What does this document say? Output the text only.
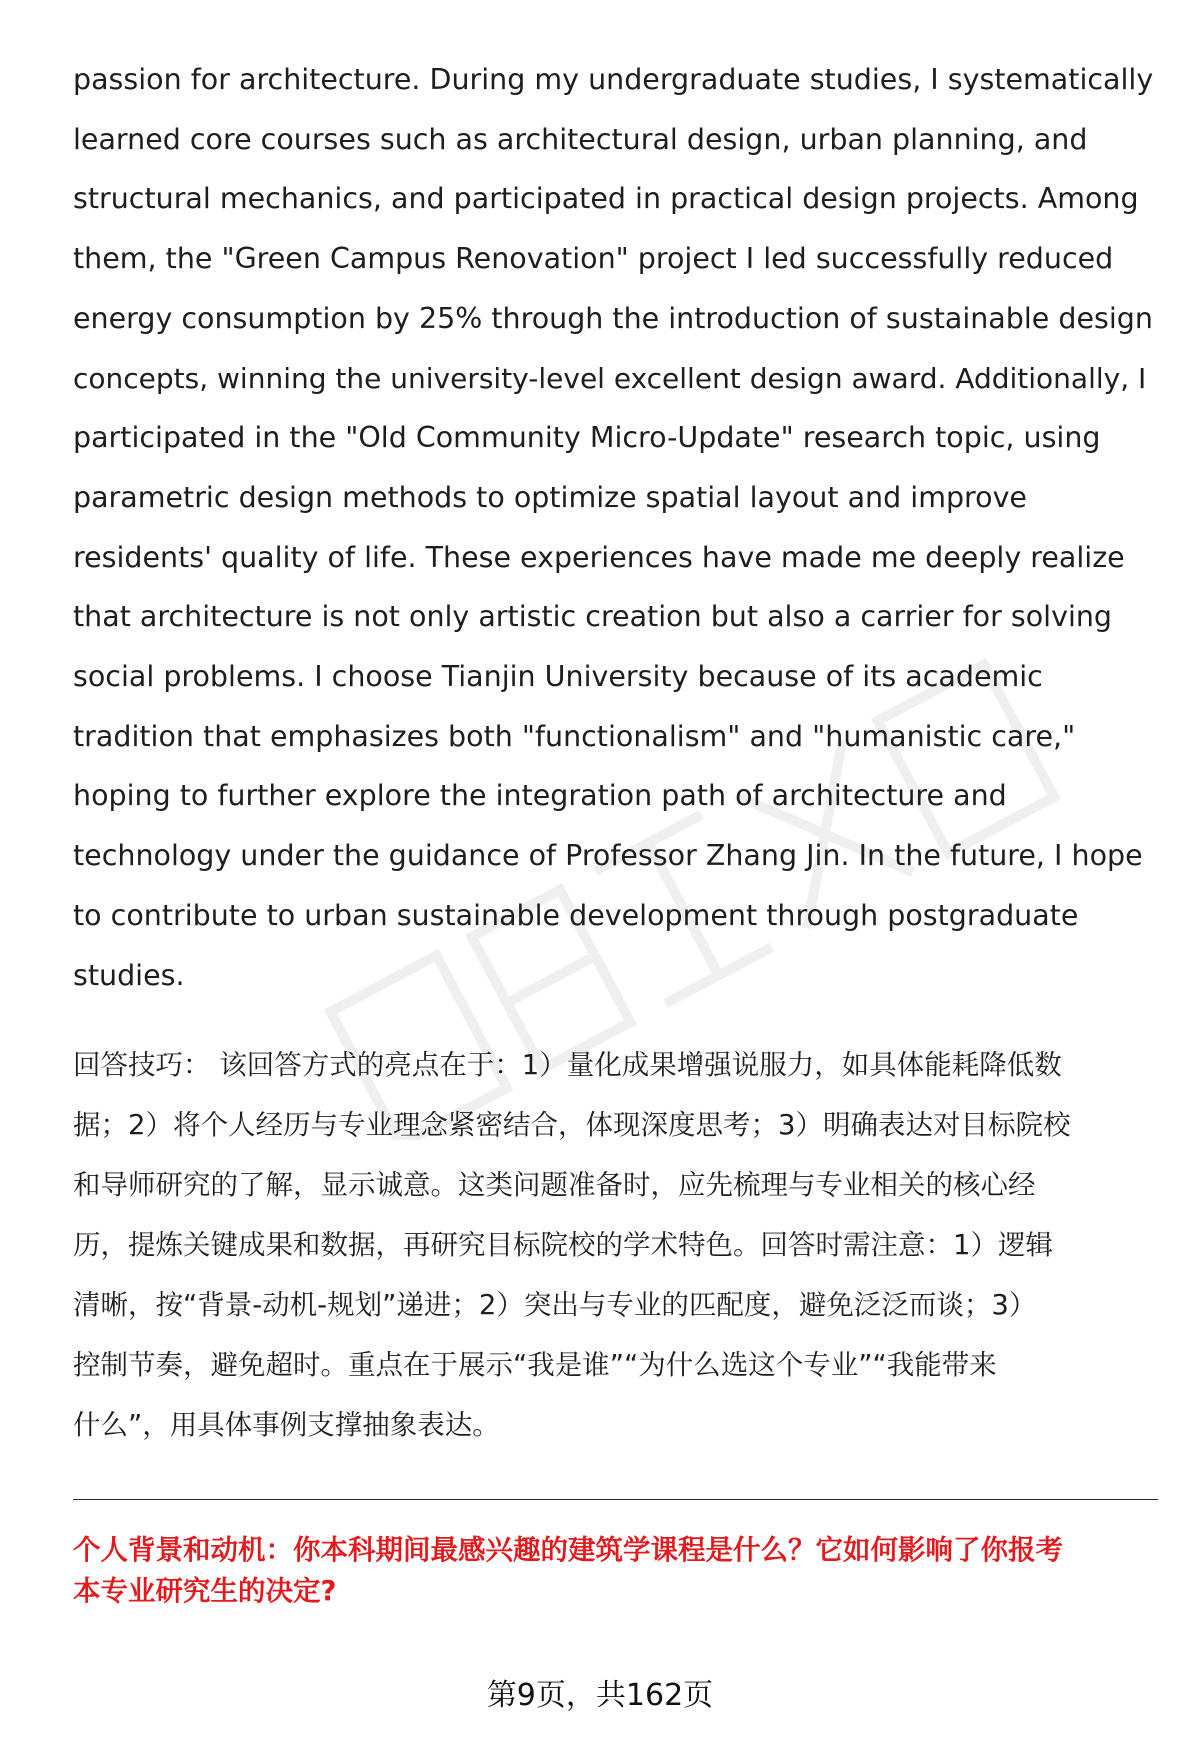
passion for architecture. During my undergraduate studies, I systematically
learned core courses such as architectural design, urban planning, and
structural mechanics, and participated in practical design projects. Among
them, the "Green Campus Renovation" project I led successfully reduced
energy consumption by 25% through the introduction of sustainable design
concepts, winning the university-level excellent design award. Additionally, I
participated in the "Old Community Micro-Update" research topic, using
parametric design methods to optimize spatial layout and improve
residents' quality of life. These experiences have made me deeply realize
that architecture is not only artistic creation but also a carrier for solving
social problems. I choose Tianjin University because of its academic
tradition that emphasizes both "functionalism" and "humanistic care,"
hoping to further explore the integration path of architecture and
technology under the guidance of Professor Zhang Jin. In the future, I hope
to contribute to urban sustainable development through postgraduate
studies.
回答技巧： 该回答方式的亮点在于：1）量化成果增强说服力，如具体能耗降低数
据；2）将个人经历与专业理念紧密结合，体现深度思考；3）明确表达对目标院校
和导师研究的了解，显示诚意。这类问题准备时，应先梳理与专业相关的核心经
历，提炼关键成果和数据，再研究目标院校的学术特色。回答时需注意：1）逻辑
清晰，按“背景-动机-规划”递进；2）突出与专业的匹配度，避免泛泛而谈；3）
控制节奏，避免超时。重点在于展示“我是谁”“为什么选这个专业”“我能带来
什么”，用具体事例支撑抽象表达。
个人背景和动机：你本科期间最感兴趣的建筑学课程是什么？它如何影响了你报考
本专业研究生的决定?
第9页，共162页
